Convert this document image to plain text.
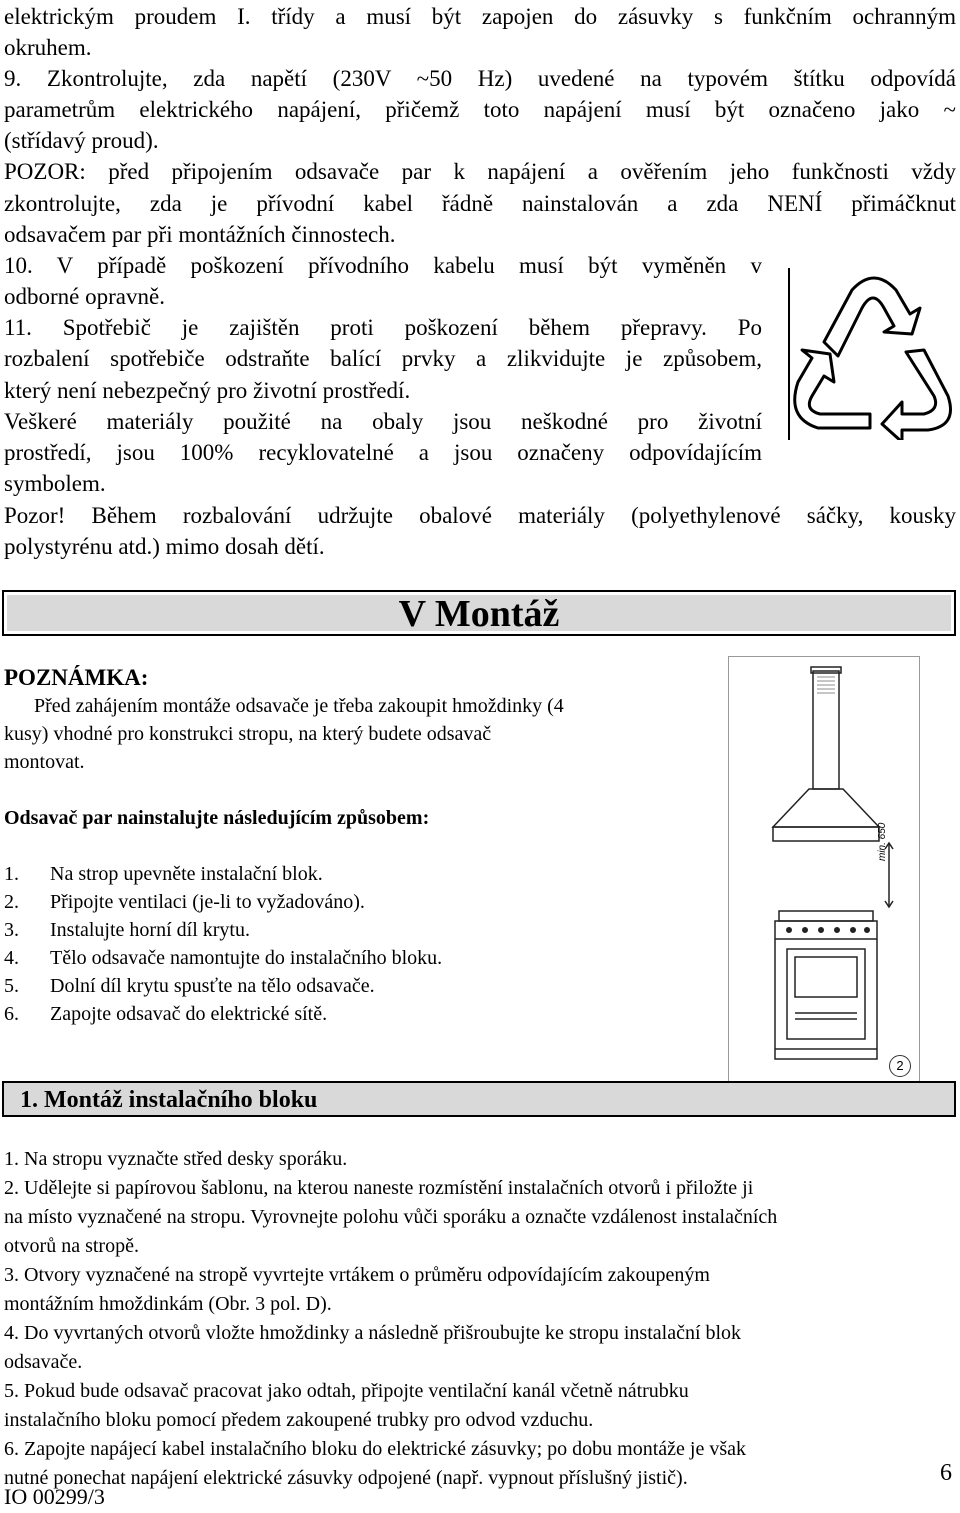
elektrickým proudem I. třídy a musí být zapojen do zásuvky s funkčním ochranným
okruhem.
9. Zkontrolujte, zda napětí (230V ~50 Hz) uvedené na typovém štítku odpovídá
parametrům elektrického napájení, přičemž toto napájení musí být označeno jako ~
(střídavý proud).
POZOR: před připojením odsavače par k napájení a ověřením jeho funkčnosti vždy
zkontrolujte, zda je přívodní kabel řádně nainstalován a zda NENÍ přimáčknut
odsavačem par při montážních činnostech.
10. V případě poškození přívodního kabelu musí být vyměněn v
odborné opravně.
11. Spotřebič je zajištěn proti poškození během přepravy. Po
rozbalení spotřebiče odstraňte balící prvky a zlikvidujte je způsobem,
který není nebezpečný pro životní prostředí.
Veškeré materiály použité na obaly jsou neškodné pro životní
prostředí, jsou 100% recyklovatelné a jsou označeny odpovídajícím
symbolem.
Pozor! Během rozbalování udržujte obalové materiály (polyethylenové sáčky, kousky
polystyrénu atd.) mimo dosah dětí.
V Montáž
POZNÁMKA:
Před zahájením montáže odsavače je třeba zakoupit hmoždinky (4
kusy) vhodné pro konstrukci stropu, na který budete odsavač
montovat.
Odsavač par nainstalujte následujícím způsobem:
1. Na strop upevněte instalační blok.
2. Připojte ventilaci (je-li to vyžadováno).
3. Instalujte horní díl krytu.
4. Tělo odsavače namontujte do instalačního bloku.
5. Dolní díl krytu spusťte na tělo odsavače.
6. Zapojte odsavač do elektrické sítě.
min. 650
2
1. Montáž instalačního bloku
1. Na stropu vyznačte střed desky sporáku.
2. Udělejte si papírovou šablonu, na kterou naneste rozmístění instalačních otvorů i přiložte ji
na místo vyznačené na stropu. Vyrovnejte polohu vůči sporáku a označte vzdálenost instalačních
otvorů na stropě.
3. Otvory vyznačené na stropě vyvrtejte vrtákem o průměru odpovídajícím zakoupeným
montážním hmoždinkám (Obr. 3 pol. D).
4. Do vyvrtaných otvorů vložte hmoždinky a následně přišroubujte ke stropu instalační blok
odsavače.
5. Pokud bude odsavač pracovat jako odtah, připojte ventilační kanál včetně nátrubku
instalačního bloku pomocí předem zakoupené trubky pro odvod vzduchu.
6. Zapojte napájecí kabel instalačního bloku do elektrické zásuvky; po dobu montáže je však
nutné ponechat napájení elektrické zásuvky odpojené (např. vypnout příslušný jistič).	6
IO 00299/3
